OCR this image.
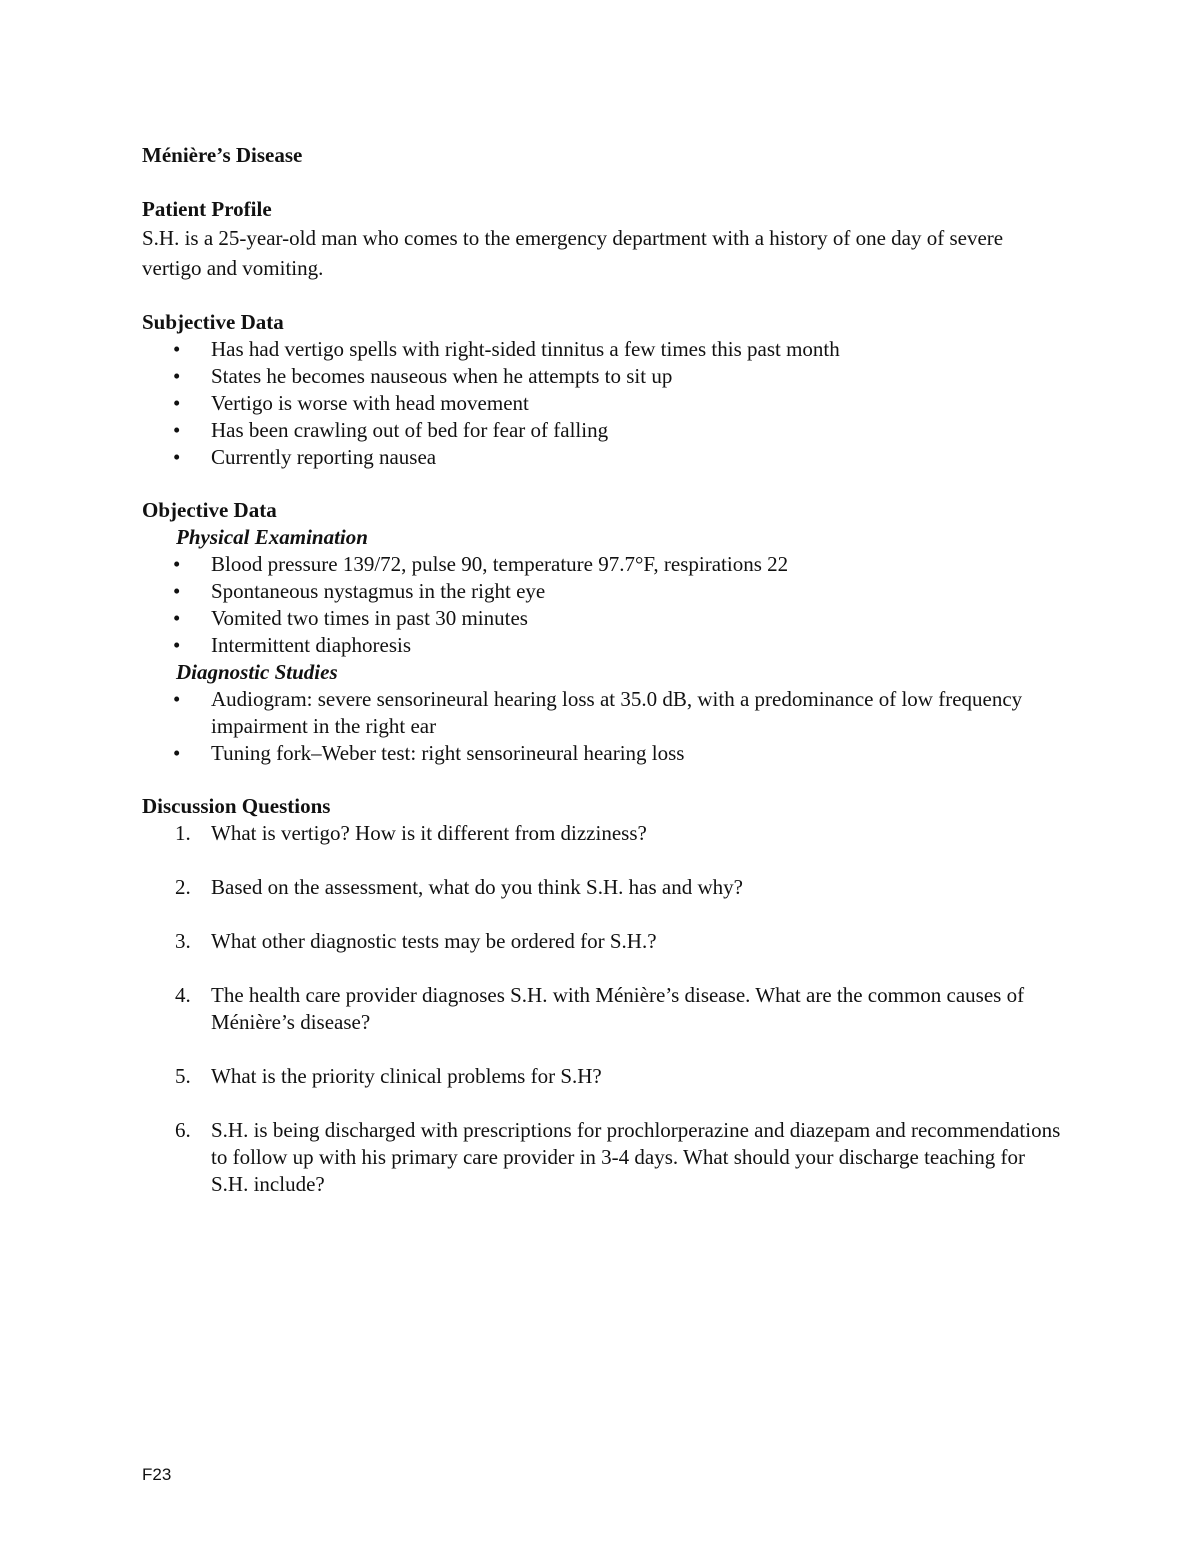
Ménière’s Disease
Patient Profile

S.H. is a 25-year-old man who comes to the emergency department with a history of one day of severe vertigo and vomiting.

Subjective Data
• Has had vertigo spells with right-sided tinnitus a few times this past month
• States he becomes nauseous when he attempts to sit up
• Vertigo is worse with head movement
• Has been crawling out of bed for fear of falling
• Currently reporting nausea
Objective Data
Physical Examination
• Blood pressure 139/72, pulse 90, temperature 97.7°F, respirations 22
• Spontaneous nystagmus in the right eye
• Vomited two times in past 30 minutes
• Intermittent diaphoresis
Diagnostic Studies
• Audiogram: severe sensorineural hearing loss at 35.0 dB, with a predominance of low frequency impairment in the right ear
• Tuning fork–Weber test: right sensorineural hearing loss
Discussion Questions
1. What is vertigo? How is it different from dizziness?
2. Based on the assessment, what do you think S.H. has and why?
3. What other diagnostic tests may be ordered for S.H.?
4. The health care provider diagnoses S.H. with Ménière’s disease. What are the common causes of Ménière’s disease?
5. What is the priority clinical problems for S.H?
6. S.H. is being discharged with prescriptions for prochlorperazine and diazepam and recommendations to follow up with his primary care provider in 3-4 days. What should your discharge teaching for S.H. include?
F23
